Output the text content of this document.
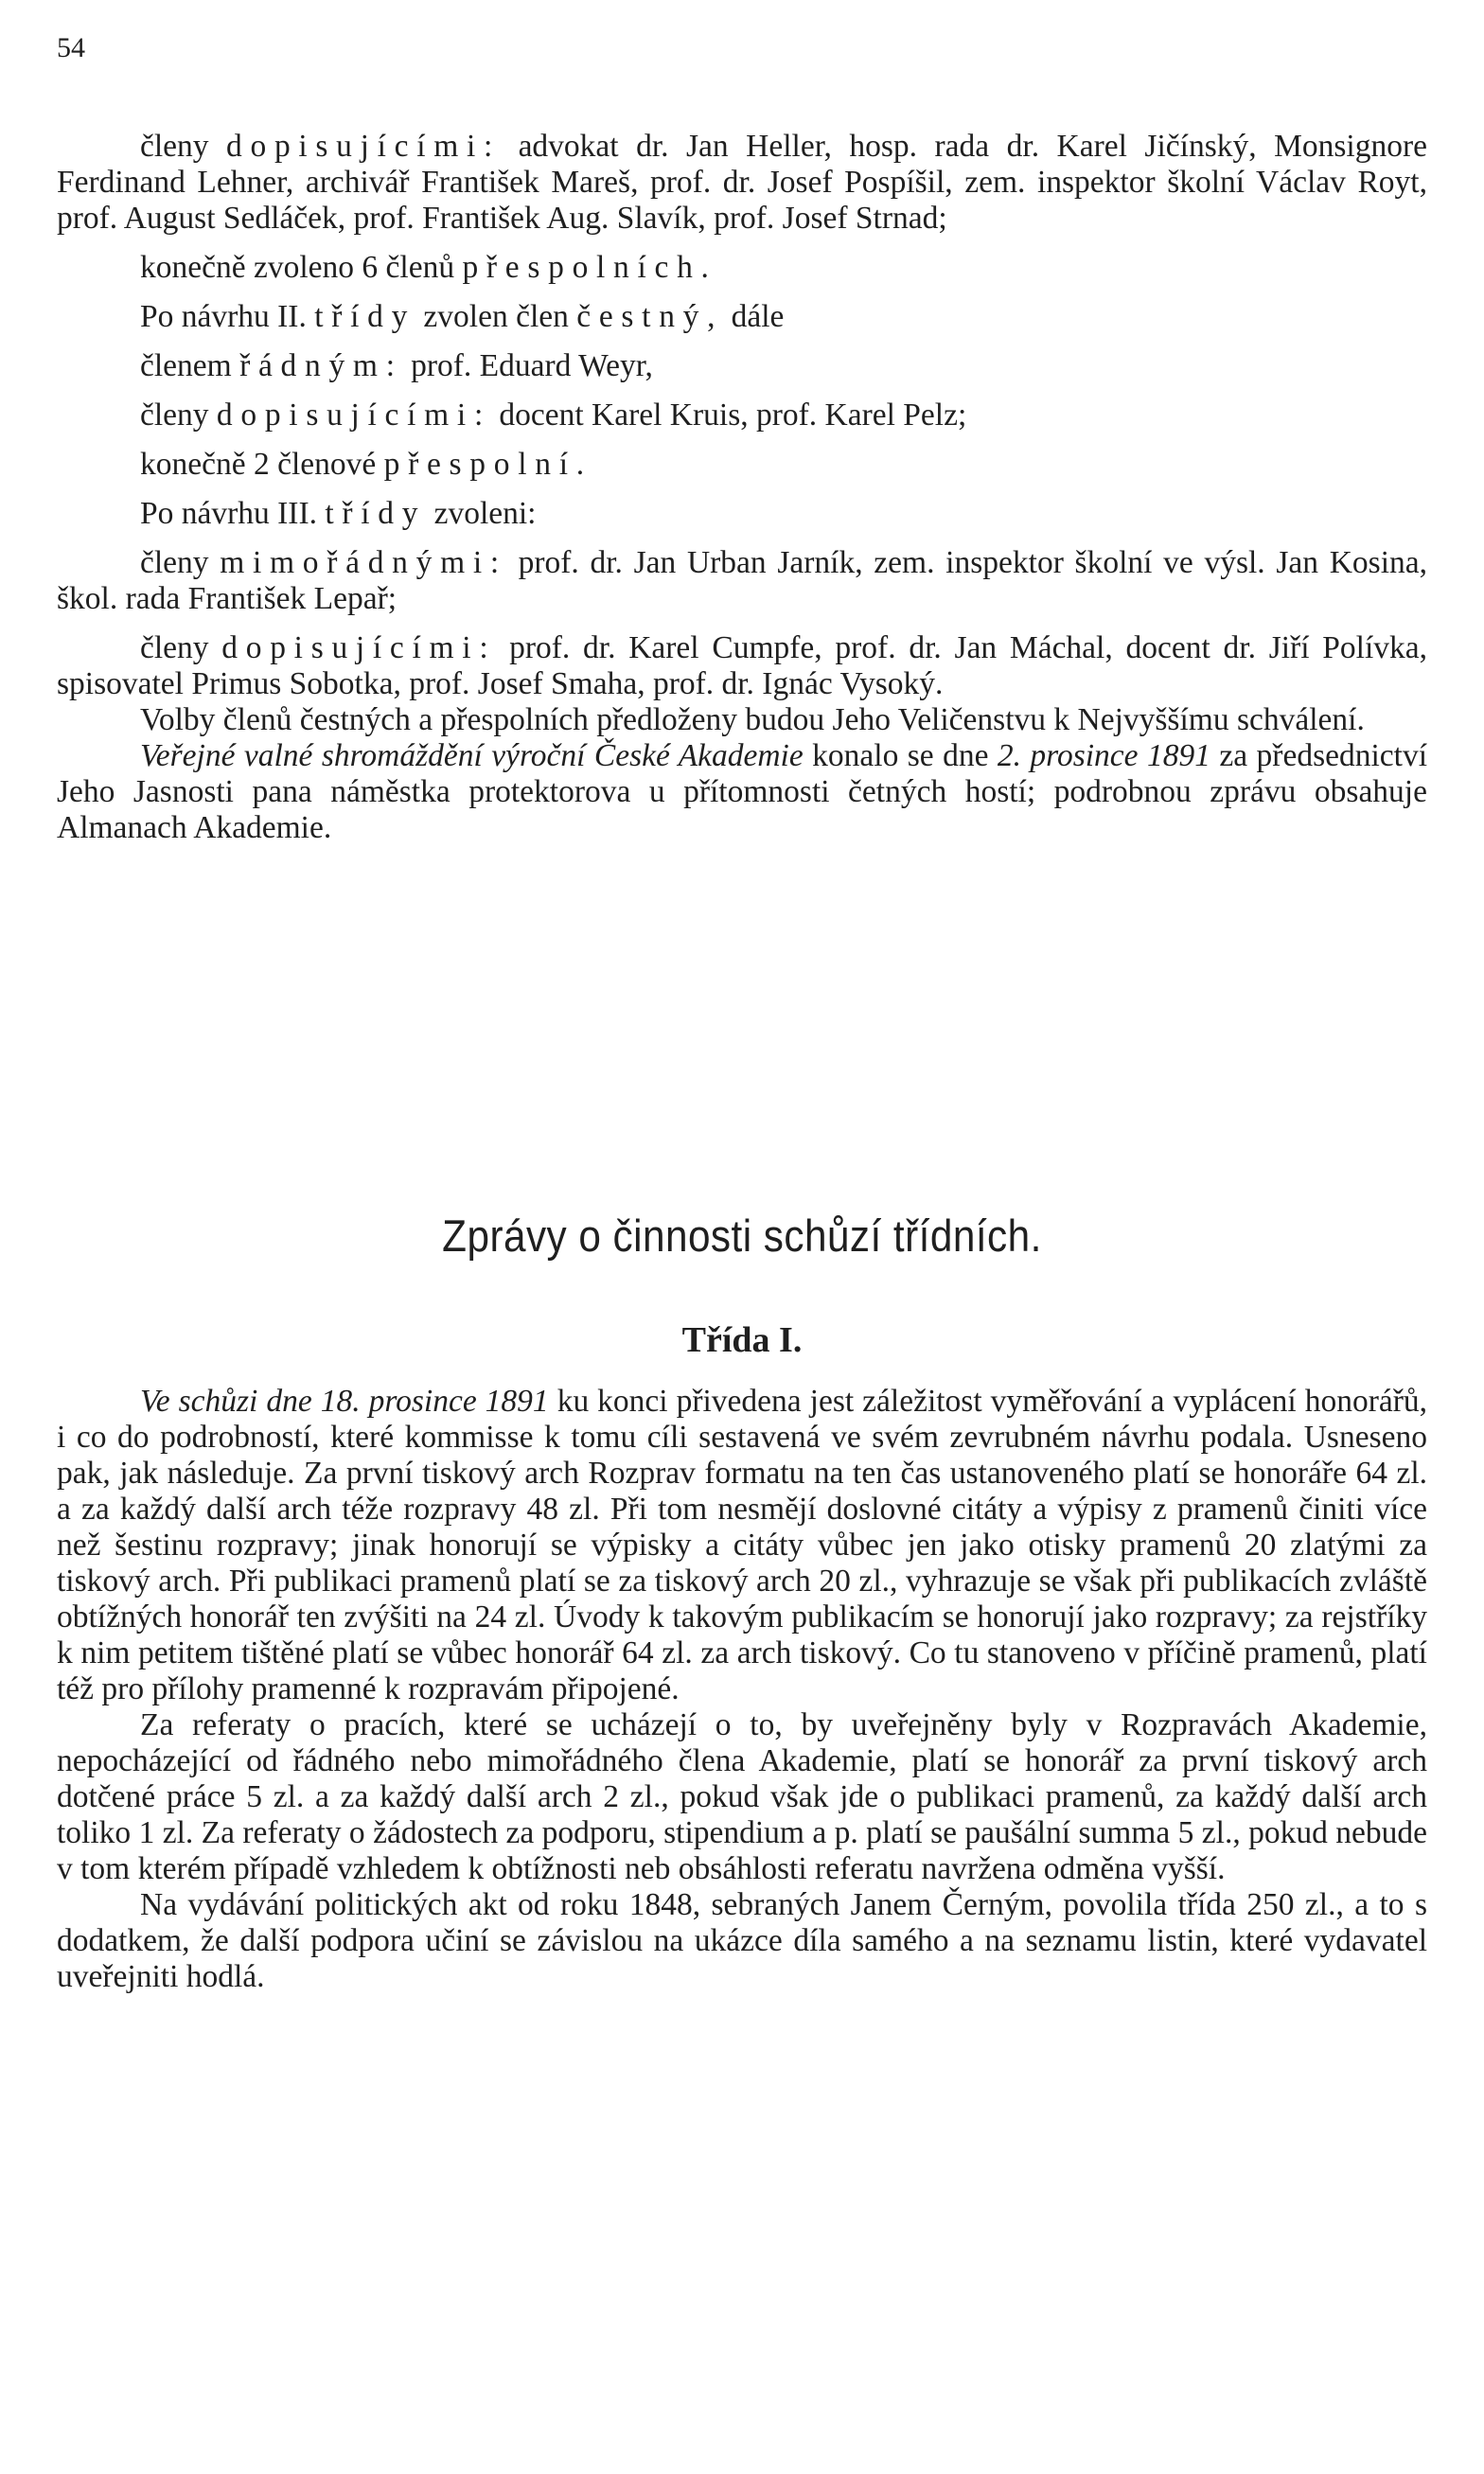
54

členy dopisujícími: advokat dr. Jan Heller, hosp. rada dr. Karel Jičínský, Monsignore Ferdinand Lehner, archivář František Mareš, prof. dr. Josef Pospíšil, zem. inspektor školní Václav Royt, prof. August Sedláček, prof. František Aug. Slavík, prof. Josef Strnad;

konečně zvoleno 6 členů přespolních.

Po návrhu II. třídy zvolen člen čestný, dále

členem řádným: prof. Eduard Weyr,

členy dopisujícími: docent Karel Kruis, prof. Karel Pelz;

konečně 2 členové přespolní.

Po návrhu III. třídy zvoleni:

členy mimořádnými: prof. dr. Jan Urban Jarník, zem. inspektor školní ve výsl. Jan Kosina, škol. rada František Lepař;

členy dopisujícími: prof. dr. Karel Cumpfe, prof. dr. Jan Máchal, docent dr. Jiří Polívka, spisovatel Primus Sobotka, prof. Josef Smaha, prof. dr. Ignác Vysoký.

Volby členů čestných a přespolních předloženy budou Jeho Veličenstvu k Nejvyššímu schválení.

Veřejné valné shromáždění výroční České Akademie konalo se dne 2. prosince 1891 za předsednictví Jeho Jasnosti pana náměstka protektorova u přítomnosti četných hostí; podrobnou zprávu obsahuje Almanach Akademie.

Zprávy o činnosti schůzí třídních.
Třída I.

Ve schůzi dne 18. prosince 1891 ku konci přivedena jest záležitost vyměřování a vyplácení honorářů, i co do podrobností, které kommisse k tomu cíli sestavená ve svém zevrubném návrhu podala. Usneseno pak, jak následuje. Za první tiskový arch Rozprav formatu na ten čas ustanoveného platí se honoráře 64 zl. a za každý další arch téže rozpravy 48 zl. Při tom nesmějí doslovné citáty a výpisy z pramenů činiti více než šestinu rozpravy; jinak honorují se výpisky a citáty vůbec jen jako otisky pramenů 20 zlatými za tiskový arch. Při publikaci pramenů platí se za tiskový arch 20 zl., vyhrazuje se však při publikacích zvláště obtížných honorář ten zvýšiti na 24 zl. Úvody k takovým publikacím se honorují jako rozpravy; za rejstříky k nim petitem tištěné platí se vůbec honorář 64 zl. za arch tiskový. Co tu stanoveno v příčině pramenů, platí též pro přílohy pramenné k rozpravám připojené.

Za referaty o pracích, které se ucházejí o to, by uveřejněny byly v Rozpravách Akademie, nepocházející od řádného nebo mimořádného člena Akademie, platí se honorář za první tiskový arch dotčené práce 5 zl. a za každý další arch 2 zl., pokud však jde o publikaci pramenů, za každý další arch toliko 1 zl. Za referaty o žádostech za podporu, stipendium a p. platí se paušální summa 5 zl., pokud nebude v tom kterém případě vzhledem k obtížnosti neb obsáhlosti referatu navržena odměna vyšší.

Na vydávání politických akt od roku 1848, sebraných Janem Černým, povolila třída 250 zl., a to s dodatkem, že další podpora učiní se závislou na ukázce díla samého a na seznamu listin, které vydavatel uveřejniti hodlá.
